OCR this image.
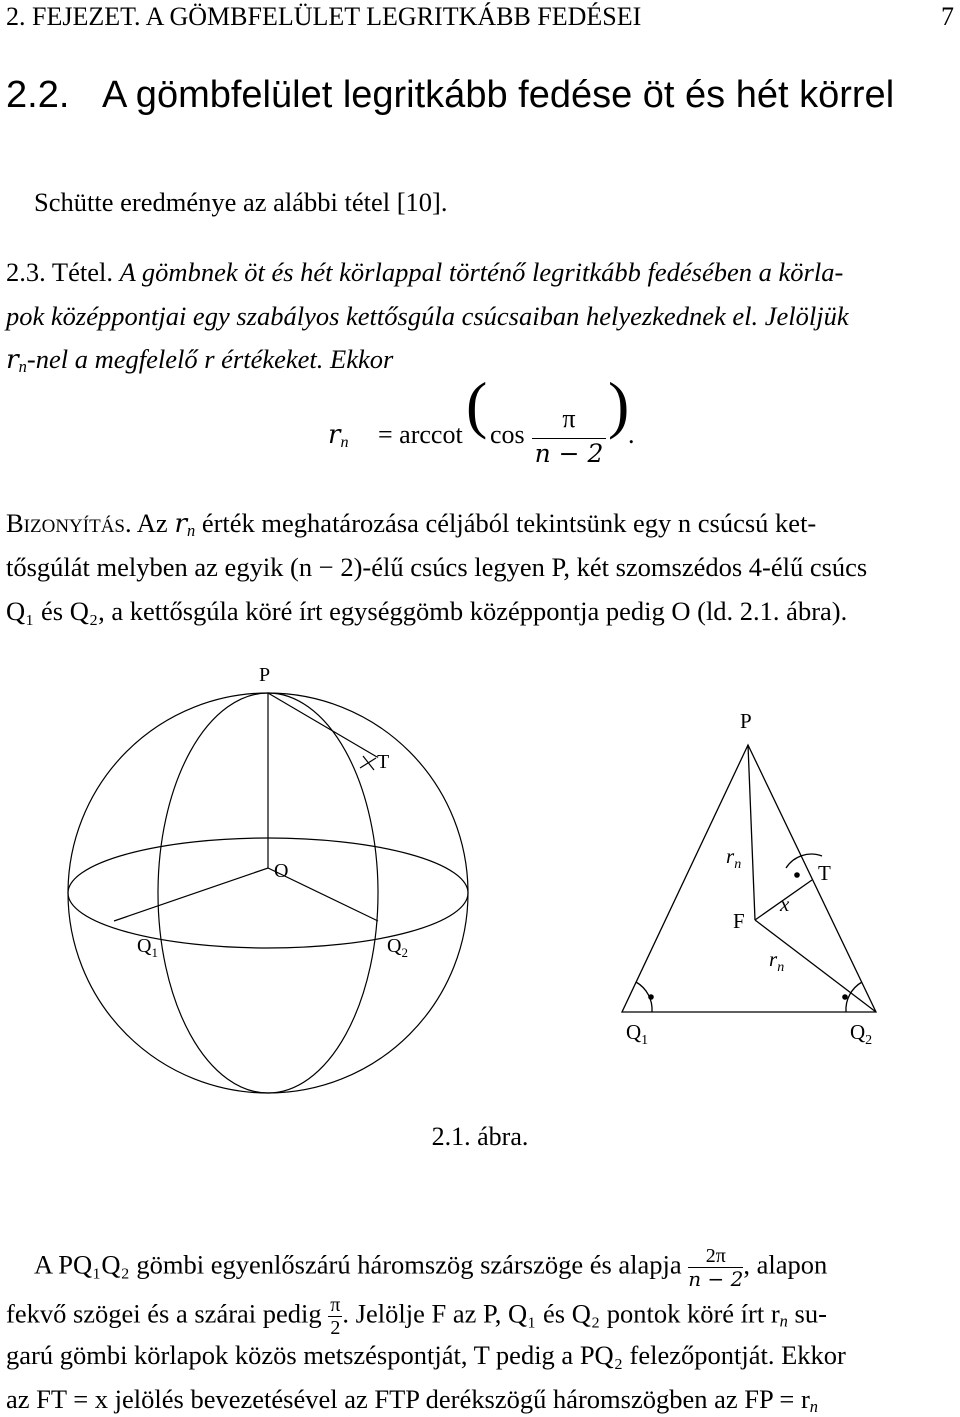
2. FEJEZET. A GÖMBFELÜLET LEGRITKÁBB FEDÉSEI	7
2.2. A gömbfelület legritkább fedése öt és hét körrel
Schütte eredménye az alábbi tétel [10].
2.3. Tétel. A gömbnek öt és hét körlappal történő legritkább fedésében a körla-
pok középpontjai egy szabályos kettősgúla csúcsaiban helyezkednek el. Jelöljük
$r_n$-nel a megfelelő r értékeket. Ekkor
$r_n = arccot$ ( cos
π
n − 2
)
.
Bizonyítás. Az $r_n$ érték meghatározása céljából tekintsünk egy n csúcsú ket-
tősgúlát melyben az egyik (n − 2)-élű csúcs legyen P, két szomszédos 4-élű csúcs
Q₁ és Q₂, a kettősgúla köré írt egységgömb középpontja pedig O (ld. 2.1. ábra).
P
T
O
$Q_1$	$Q_2$
P
$r_n$	T
x
F
$r_n$
$Q_1$	$Q_2$
2.1. ábra.
A PQ₁Q₂ gömbi egyenlőszárú háromszög szárszöge és alapja $\frac{2\pi}{n - 2}$ , alapon
fekvő szögei és a szárai pedig $\frac{\pi}{2}$ . Jelölje F az P, Q₁ és Q₂ pontok köré írt $r_n$ su-
garú gömbi körlapok közös metszéspontját, T pedig a PQ₂ felezőpontját. Ekkor
az FT = x jelölés bevezetésével az FTP derékszögű háromszögben az FP = $r_n$
